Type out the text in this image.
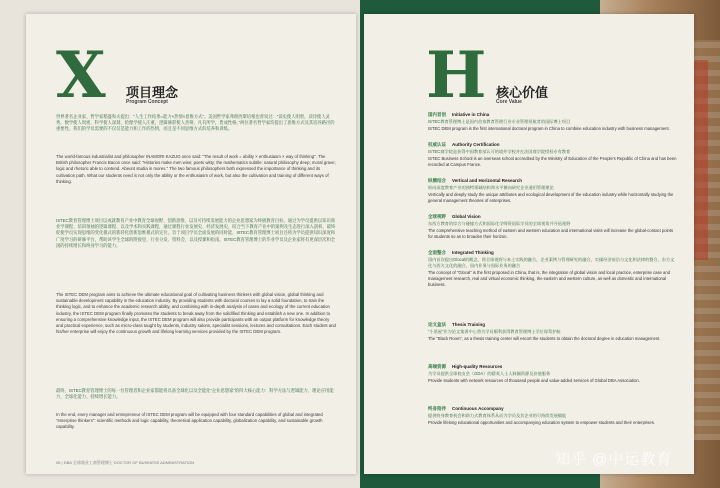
X 项目理念
Program Concept

世界著名企业家、哲学家稻盛和夫提出：“人生工作结果=能力×热情×思维方式”。美国哲学家弗朗西斯培根也曾说过：“读史使人明智，读诗使人灵秀，数学使人周密，科学使人深刻，伦理学使人庄重，逻辑修辞使人善辩，凡有所学，皆成性格。”两位著名哲学家均提出了思维方式及其培养路径的重要性。我们的学员需要的不仅仅是能力和工作的热情，而且是不同思维方式的培养和训练。

The world-famous industrialist and philosopher INAMORI KAZUO once said: "The result of work = ability × enthusiasm × way of thinking". The British philosopher Francis Bacon once said: "Histories make men wise; poets witty; the mathematics subtile; natural philosophy deep; moral grave; logic and rhetoric able to contend. Abeunt studia in mores." The two famous philosophers both expressed the importance of thinking and its cultivation path. What our students need is not only the ability or the enthusiasm of work, but also the cultivation and training of different ways of thinking.

ISTEC教育管理博士项目以成就教育产业中教育全球视野、创新思维、以及可持续发展能力的企业思想家为终极教育目标，通过为学员提供以知识商业学课程、培训领袖的逻辑课程、以及学术和实践课程，通过课程行业发展史、经济发展史，结合当下教育产业中的案例及生态进行深入剖析，最终促使学员实现思维的变化模式的新转化创新思维模式的定位。旨于项目学员全面发展的同时能，ISTEC教育管理博士项目还将为学员提供知识深度和广度学习的研修平台，帮助该学生全球的附接里、行业分发、资料会、以及授课和指南。ISTEC教育管理博士的毕业学员及企业家将有更深层次和全国的持续增长和终身学习的能力。

The ISTEC DEM program aims to achieve the ultimate educational goal of cultivating business thinkers with global vision, global thinking and sustainable development capability in the education industry. By providing students with doctoral courses to lay a solid foundation, to train the thinking logic, and to enhance the academic research ability, and combining with in-depth analysis of cases and ecology of the current education industry, the ISTEC DEM program finally promotes the students to break away from the solidified thinking and establish a new one. In addition to ensuring a comprehensive knowledge input, the ISTEC DEM program will also provide participants with an output platform for knowledge theory and practical experience, such as micro-class taught by students, industry salons, specialist sessions, lectures and consultations. Each student and his/her enterprise will enjoy the continuous growth and lifelong learning services provided by the ISTEC DEM program.

最终，ISTEC教育管理博士的每一位管理者和企业家都能将具备全球化以及全能化“企业思想家”的四大核心能力：科学方法与逻辑能力、理论应用能力、全球化能力、持续增长能力。

In the end, every manager and entrepreneur of ISTEC DEM program will be equipped with four standard capabilities of global and integrated "enterprise thinkers": scientific methods and logic capability, theoretical application capability, globalization capability, and sustainable growth capability.

06 | DBA 全球商业工商管理博士 DOCTOR OF BUSINESS ADMINISTRATION
H 核心价值
Core Value
国内首创 Initiative in China

ISTEC教育管理博士是国内首家教育管理行业专业管理领航者的国际博士项目

ISTEC DEM program is the first international doctoral program in China to combine education industry with business management.

权威认证 Authority Certification

ISTEC商学院是获得中国教育部认可的境外学校并在法国商学院授权专有教育

ISTEC Business School is an overseas school accredited by the Ministry of Education of the People's Republic of China and has been recorded at Campus France.

纵横结合 Vertical and Horizontal Research

纵向深度教育产业的独特领域结构和水平横向研究企业通用管理理论

Vertically and deeply study the unique attributes and ecological development of the education industry while horizontally studying the general management theories of enterprises.

全球视野 Global Vision

东西方教育的综合与碰撞方式和国际化学师资国际学员的全球视角并开拓视野

The comprehensive teaching method of eastern and western education and international visits will increase the global-contact points for students so as to broaden their horizon.

全面整合 Integrated Thinking

国内首次提出Glocal的概念，将全球视野与本土实践的融合，企业案例与管理研究的融合，实操经济前沿与文化和法律的整合，东方文化与西方文化的融合，国内业务与国际业务的融合

The concept of "Glocal" is the first proposed in China, that is, the integration of global vision and local practice, enterprise case and management research, real and virtual economic thinking, the eastern and western culture, as well as domestic and international business.

论文盒法 Thesis Training

“小黑屋”作为论文集训中心将为学员顺利获得教育管理博士学位保驾护航

The "Black Room", as a thesis training center will escort the students to obtain the doctoral degree in education management.

高端资源 High-quality Resources

为学员提供全球校友会（GDA）的精英人士人脉圈资源及价值服务

Provide students with network resources of thousand people and value-added services of Global DBA Association.

终身陪伴 Continuous Accompany

提供终身教育机会和助力式教育体系从而为学员及其企业的可持续发展赋能

Provide lifelong educational opportunities and accompanying education system to empower students and their enterprises.

知乎 @中运教育
